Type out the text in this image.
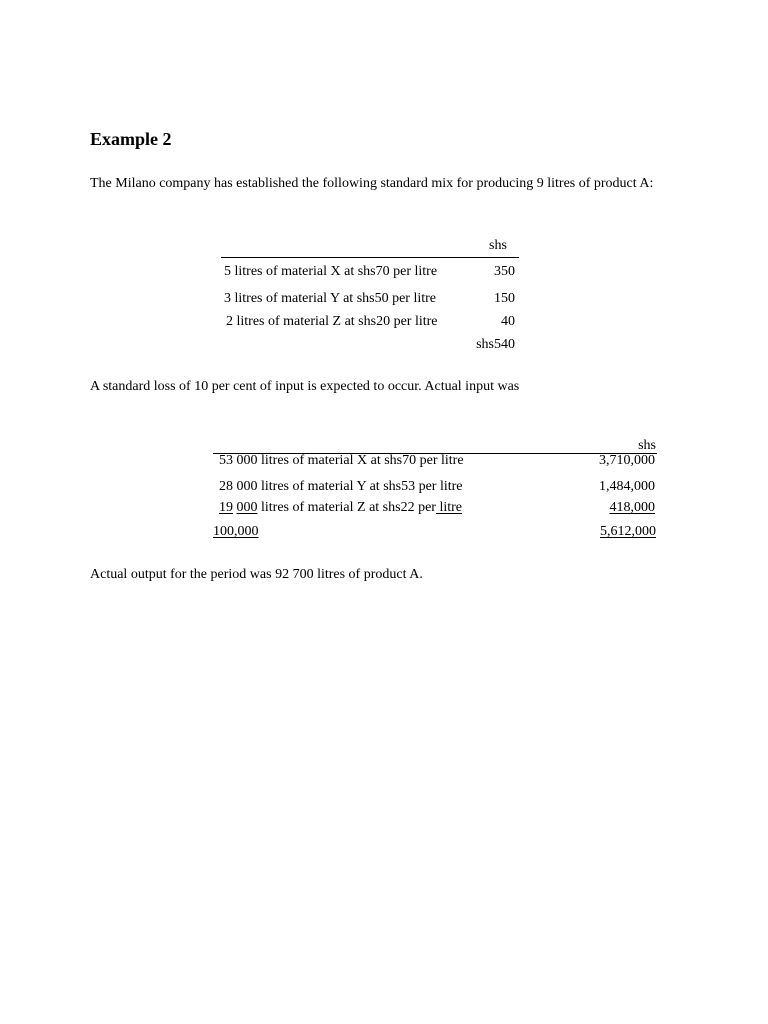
Example 2
The Milano company has established the following standard mix for producing 9 litres of product A:
shs
5 litres of material X at shs70 per litre	350
3 litres of material Y at shs50 per litre	150
2 litres of material Z at shs20 per litre	40
shs540
A standard loss of 10 per cent of input is expected to occur. Actual input was
shs
53 000 litres of material X at shs70 per litre	3,710,000
28 000 litres of material Y at shs53 per litre	1,484,000
19 000 litres of material Z at shs22 per litre	418,000
100,000	5,612,000
Actual output for the period was 92 700 litres of product A.
